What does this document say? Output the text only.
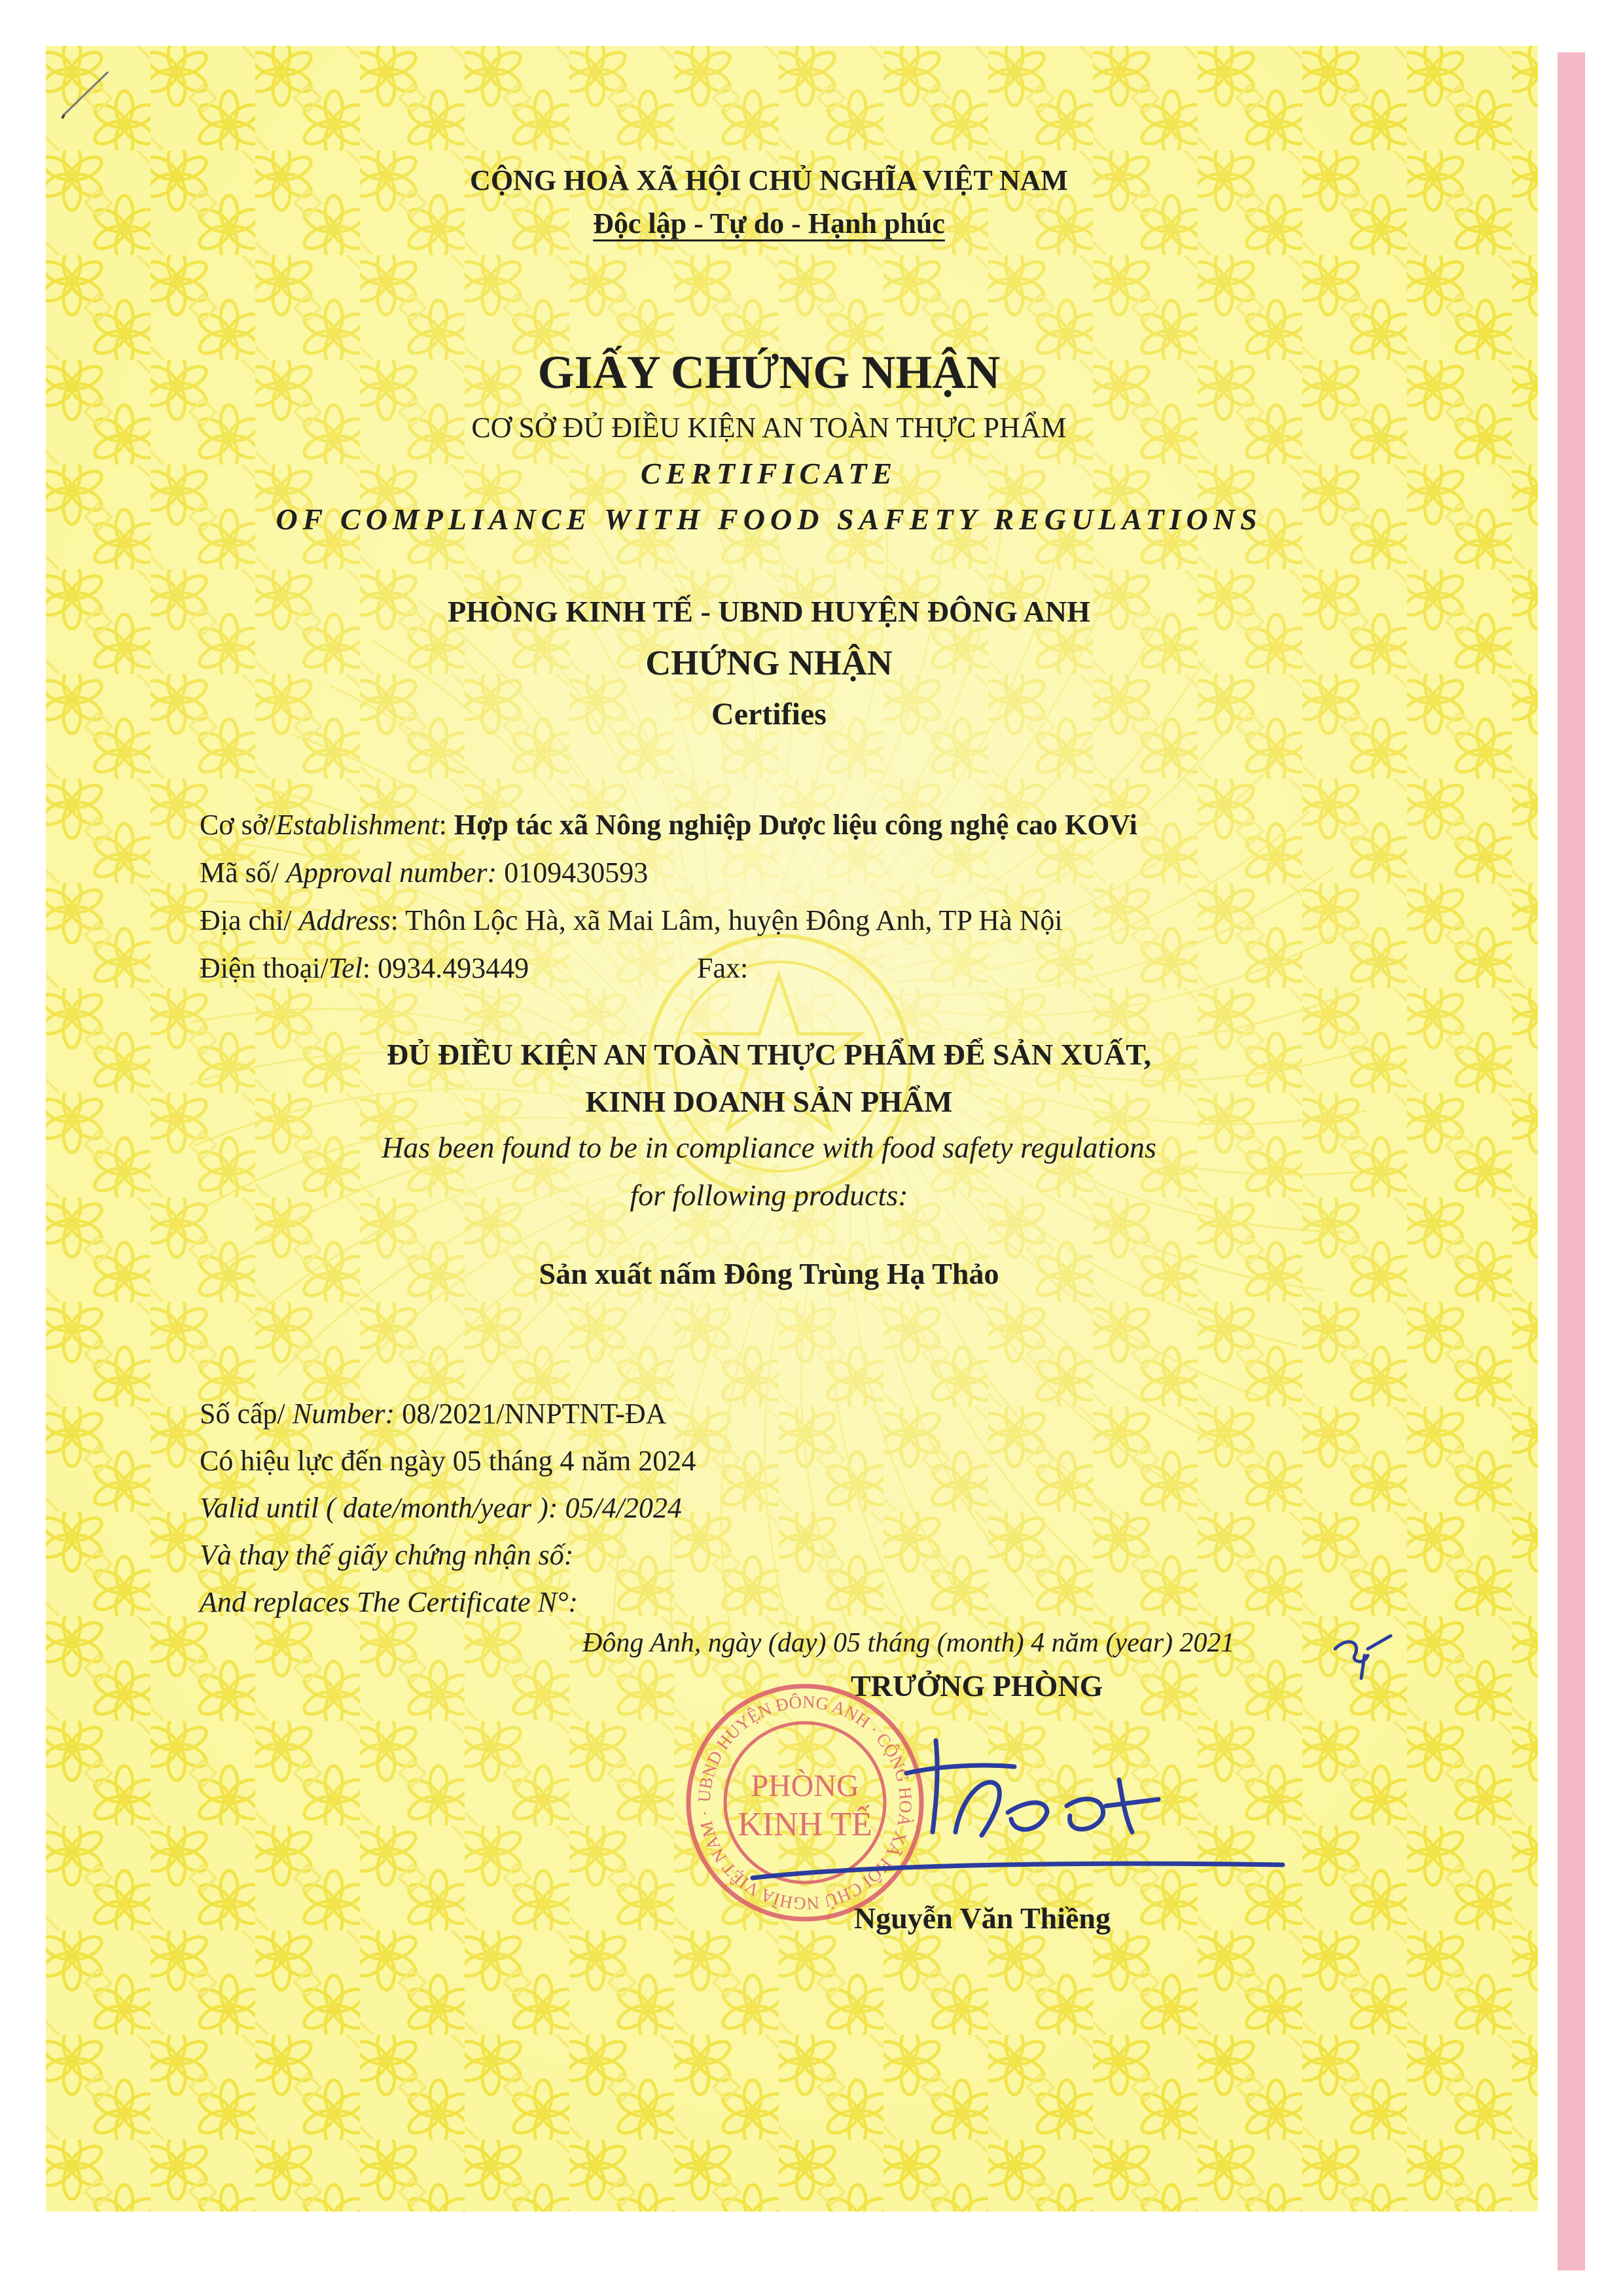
CỘNG HOÀ XÃ HỘI CHỦ NGHĨA VIỆT NAM
Độc lập - Tự do - Hạnh phúc
GIẤY CHỨNG NHẬN
CƠ SỞ ĐỦ ĐIỀU KIỆN AN TOÀN THỰC PHẨM
CERTIFICATE
OF COMPLIANCE WITH FOOD SAFETY REGULATIONS
PHÒNG KINH TẾ - UBND HUYỆN ĐÔNG ANH
CHỨNG NHẬN
Certifies
Cơ sở/Establishment: Hợp tác xã Nông nghiệp Dược liệu công nghệ cao KOVi
Mã số/ Approval number: 0109430593
Địa chỉ/ Address: Thôn Lộc Hà, xã Mai Lâm, huyện Đông Anh, TP Hà Nội
Điện thoại/Tel: 0934.493449	Fax:
ĐỦ ĐIỀU KIỆN AN TOÀN THỰC PHẨM ĐỂ SẢN XUẤT,
KINH DOANH SẢN PHẨM
Has been found to be in compliance with food safety regulations
for following products:
Sản xuất nấm Đông Trùng Hạ Thảo
Số cấp/ Number: 08/2021/NNPTNT-ĐA
Có hiệu lực đến ngày 05 tháng 4 năm 2024
Valid until ( date/month/year ): 05/4/2024
Và thay thế giấy chứng nhận số:
And replaces The Certificate N°:
Đông Anh, ngày (day) 05 tháng (month) 4 năm (year) 2021
TRƯỞNG PHÒNG
UBND HUYỆN ĐÔNG ANH · CỘNG HOÀ XÃ HỘI CHỦ NGHĨA VIỆT NAM ·
PHÒNG
KINH TẾ
Nguyễn Văn Thiềng
